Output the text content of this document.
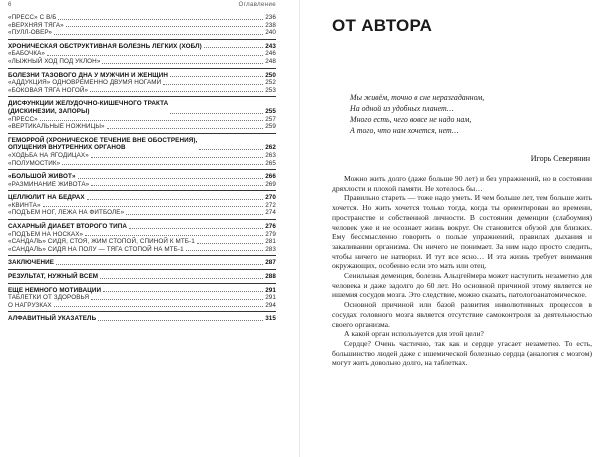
6	Оглавление
«ПРЕСС» С В/Б	236
«ВЕРХНЯЯ ТЯГА»	238
«ПУЛЛ-ОВЕР»	240
ХРОНИЧЕСКАЯ ОБСТРУКТИВНАЯ БОЛЕЗНЬ ЛЕГКИХ (ХОБЛ)	243
«БАБОЧКА»	246
«ЛЫЖНЫЙ ХОД ПОД УКЛОН»	248
БОЛЕЗНИ ТАЗОВОГО ДНА У МУЖЧИН И ЖЕНЩИН	250
«АДДУКЦИЯ» ОДНОВРЕМЕННО ДВУМЯ НОГАМИ	252
«БОКОВАЯ ТЯГА НОГОЙ»	253
ДИСФУНКЦИИ ЖЕЛУДОЧНО-КИШЕЧНОГО ТРАКТА
(ДИСКИНЕЗИИ, ЗАПОРЫ)	255
«ПРЕСС»	257
«ВЕРТИКАЛЬНЫЕ НОЖНИЦЫ»	259
ГЕМОРРОЙ (ХРОНИЧЕСКОЕ ТЕЧЕНИЕ ВНЕ ОБОСТРЕНИЯ),
ОПУЩЕНИЯ ВНУТРЕННИХ ОРГАНОВ	262
«ХОДЬБА НА ЯГОДИЦАХ»	263
«ПОЛУМОСТИК»	265
«БОЛЬШОЙ ЖИВОТ»	266
«РАЗМИНАНИЕ ЖИВОТА»	269
ЦЕЛЛЮЛИТ НА БЕДРАХ	270
«КВИНТА»	272
«ПОДЪЕМ НОГ, ЛЕЖА НА ФИТБОЛЕ»	274
САХАРНЫЙ ДИАБЕТ ВТОРОГО ТИПА	276
«ПОДЪЕМ НА НОСКАХ»	279
«САНДАЛЬ» СИДЯ, СТОЯ, ЖИМ СТОПОЙ, СПИНОЙ К МТБ-1	281
«САНДАЛЬ» СИДЯ НА ПОЛУ — ТЯГА СТОПОЙ НА МТБ-1	283
ЗАКЛЮЧЕНИЕ	287
РЕЗУЛЬТАТ, НУЖНЫЙ ВСЕМ	288
ЕЩЕ НЕМНОГО МОТИВАЦИИ	291
ТАБЛЕТКИ ОТ ЗДОРОВЬЯ	291
О НАГРУЗКАХ	294
АЛФАВИТНЫЙ УКАЗАТЕЛЬ	315
ОТ АВТОРА
Мы живём, точно в сне неразгаданном,
На одной из удобных планет…
Много есть, чего вовсе не надо нам,
А того, что нам хочется, нет…
Игорь Северянин

Можно жить долго (даже больше 90 лет) и без упражнений, но в состоянии дряхлости и плохой памяти. Не хотелось бы…

Правильно стареть — тоже надо уметь. И чем больше лет, тем больше жить хочется. Но жить хочется только тогда, когда ты ориентирован во времени, пространстве и собственной личности. В состоянии деменции (слабоумия) человек уже и не осознает жизнь вокруг. Он становится обузой для близких. Ему бессмысленно говорить о пользе упражнений, правилах дыхания и закаливании организма. Он ничего не понимает. За ним надо просто следить, чтобы ничего не натворил. И тут все ясно… И эта жизнь требует внимания окружающих, особенно если это мать или отец.

Сенильная деменция, болезнь Альцгеймера может наступить незаметно для человека и даже задолго до 60 лет. Но основной причиной этому является не ишемия сосудов мозга. Это следствие, можно сказать, патологоанатомическое.

Основной причиной или базой развития инволютивных процессов в сосудах головного мозга является отсутствие самоконтроля за деятельностью своего организма.

А какой орган используется для этой цели?

Сердце? Очень частично, так как и сердце угасает незаметно. То есть, большинство людей даже с ишемической болезнью сердца (аналогия с мозгом) могут жить довольно долго, на таблетках.
